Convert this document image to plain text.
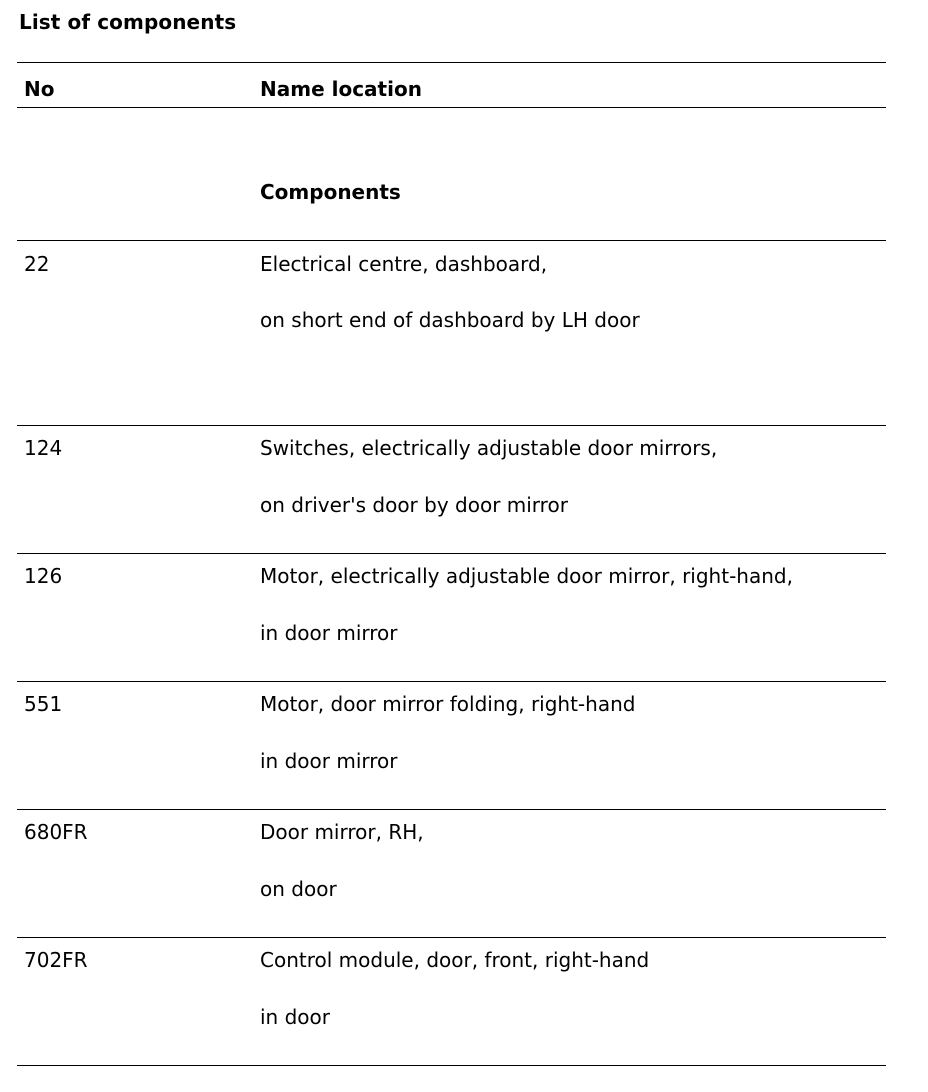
List of components
No	Name location
Components
22	Electrical centre, dashboard,
on short end of dashboard by LH door
124	Switches, electrically adjustable door mirrors,
on driver's door by door mirror
126	Motor, electrically adjustable door mirror, right-hand,
in door mirror
551	Motor, door mirror folding, right-hand
in door mirror
680FR	Door mirror, RH,
on door
702FR	Control module, door, front, right-hand
in door
